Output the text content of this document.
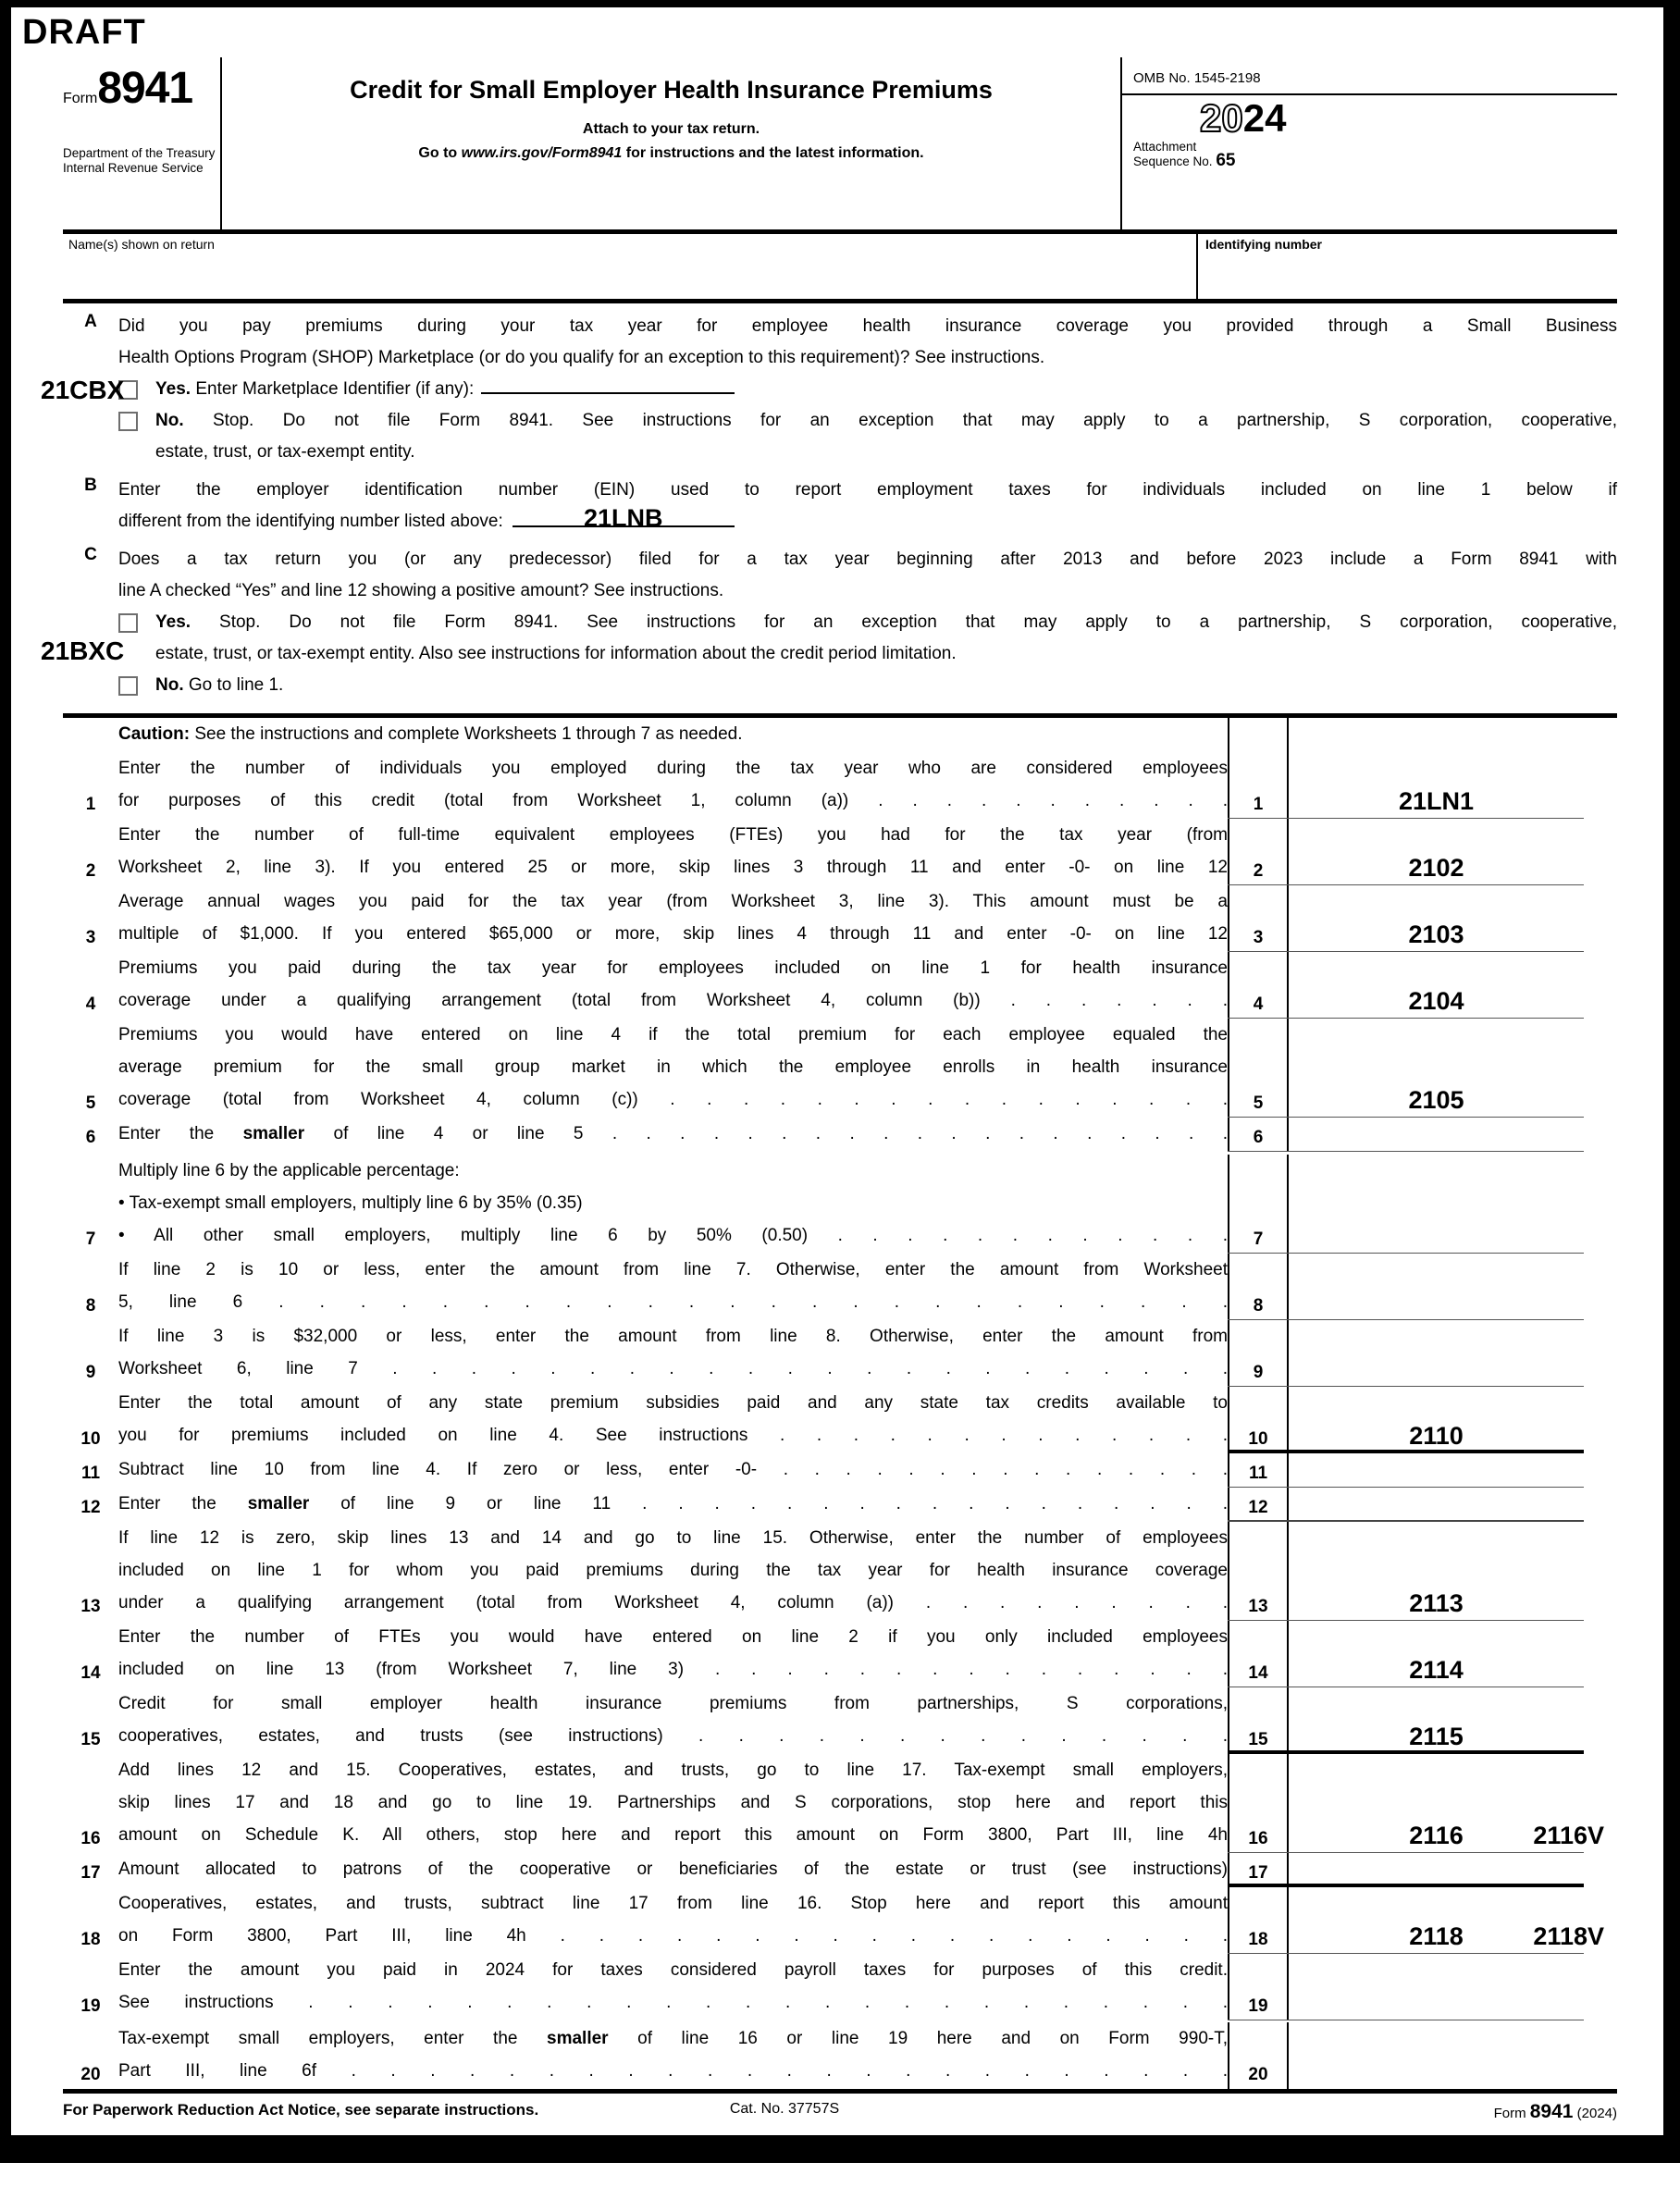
DRAFT
Form8941
Department of the Treasury
Internal Revenue Service
Credit for Small Employer Health Insurance Premiums
Attach to your tax return.
Go to www.irs.gov/Form8941 for instructions and the latest information.
OMB No. 1545-2198
2024
Attachment
Sequence No. 65
Name(s) shown on return	Identifying number
A	Did you pay premiums during your tax year for employee health insurance coverage you provided through a Small Business
Health Options Program (SHOP) Marketplace (or do you qualify for an exception to this requirement)? See instructions.
Yes. Enter Marketplace Identifier (if any):
No. Stop. Do not file Form 8941. See instructions for an exception that may apply to a partnership, S corporation, cooperative,
estate, trust, or tax-exempt entity.
21CBX
B	Enter the employer identification number (EIN) used to report employment taxes for individuals included on line 1 below if
different from the identifying number listed above:	21LNB
C	Does a tax return you (or any predecessor) filed for a tax year beginning after 2013 and before 2023 include a Form 8941 with
line A checked “Yes” and line 12 showing a positive amount? See instructions.
Yes. Stop. Do not file Form 8941. See instructions for an exception that may apply to a partnership, S corporation, cooperative,
estate, trust, or tax-exempt entity. Also see instructions for information about the credit period limitation.
No. Go to line 1.
21BXC
Caution: See the instructions and complete Worksheets 1 through 7 as needed.
1
Enter the number of individuals you employed during the tax year who are considered employees
for purposes of this credit (total from Worksheet 1, column (a)) . . . . . . . . . . .	1	21LN1
2
Enter the number of full-time equivalent employees (FTEs) you had for the tax year (from
Worksheet 2, line 3). If you entered 25 or more, skip lines 3 through 11 and enter -0- on line 12	2	2102
3
Average annual wages you paid for the tax year (from Worksheet 3, line 3). This amount must be a
multiple of $1,000. If you entered $65,000 or more, skip lines 4 through 11 and enter -0- on line 12	3	2103
4
Premiums you paid during the tax year for employees included on line 1 for health insurance
coverage under a qualifying arrangement (total from Worksheet 4, column (b)) . . . . . . .	4	2104
5
Premiums you would have entered on line 4 if the total premium for each employee equaled the
average premium for the small group market in which the employee enrolls in health insurance
coverage (total from Worksheet 4, column (c)) . . . . . . . . . . . . . . . .	5	2105
6	Enter the smaller of line 4 or line 5 . . . . . . . . . . . . . . . . . . .	6
7
Multiply line 6 by the applicable percentage:
• Tax-exempt small employers, multiply line 6 by 35% (0.35)
• All other small employers, multiply line 6 by 50% (0.50) . . . . . . . . . . . .	7
8
If line 2 is 10 or less, enter the amount from line 7. Otherwise, enter the amount from Worksheet
5, line 6 . . . . . . . . . . . . . . . . . . . . . . . .	8
9
If line 3 is $32,000 or less, enter the amount from line 8. Otherwise, enter the amount from
Worksheet 6, line 7 . . . . . . . . . . . . . . . . . . . . . .	9
10
Enter the total amount of any state premium subsidies paid and any state tax credits available to
you for premiums included on line 4. See instructions . . . . . . . . . . . . .	10	2110
11	Subtract line 10 from line 4. If zero or less, enter -0- . . . . . . . . . . . . . . .	11
12	Enter the smaller of line 9 or line 11 . . . . . . . . . . . . . . . . .	12
13
If line 12 is zero, skip lines 13 and 14 and go to line 15. Otherwise, enter the number of employees
included on line 1 for whom you paid premiums during the tax year for health insurance coverage
under a qualifying arrangement (total from Worksheet 4, column (a)) . . . . . . . . .	13	2113
14
Enter the number of FTEs you would have entered on line 2 if you only included employees
included on line 13 (from Worksheet 7, line 3) . . . . . . . . . . . . . . .	14	2114
15
Credit for small employer health insurance premiums from partnerships, S corporations,
cooperatives, estates, and trusts (see instructions) . . . . . . . . . . . . . .	15	2115
16
Add lines 12 and 15. Cooperatives, estates, and trusts, go to line 17. Tax-exempt small employers,
skip lines 17 and 18 and go to line 19. Partnerships and S corporations, stop here and report this
amount on Schedule K. All others, stop here and report this amount on Form 3800, Part III, line 4h	16	2116	2116V
17	Amount allocated to patrons of the cooperative or beneficiaries of the estate or trust (see instructions)	17
18
Cooperatives, estates, and trusts, subtract line 17 from line 16. Stop here and report this amount
on Form 3800, Part III, line 4h . . . . . . . . . . . . . . . . . .	18	2118	2118V
19
Enter the amount you paid in 2024 for taxes considered payroll taxes for purposes of this credit.
See instructions . . . . . . . . . . . . . . . . . . . . . . . .	19
20
Tax-exempt small employers, enter the smaller of line 16 or line 19 here and on Form 990-T,
Part III, line 6f . . . . . . . . . . . . . . . . . . . . . . .	20
For Paperwork Reduction Act Notice, see separate instructions.	Cat. No. 37757S	Form 8941 (2024)
